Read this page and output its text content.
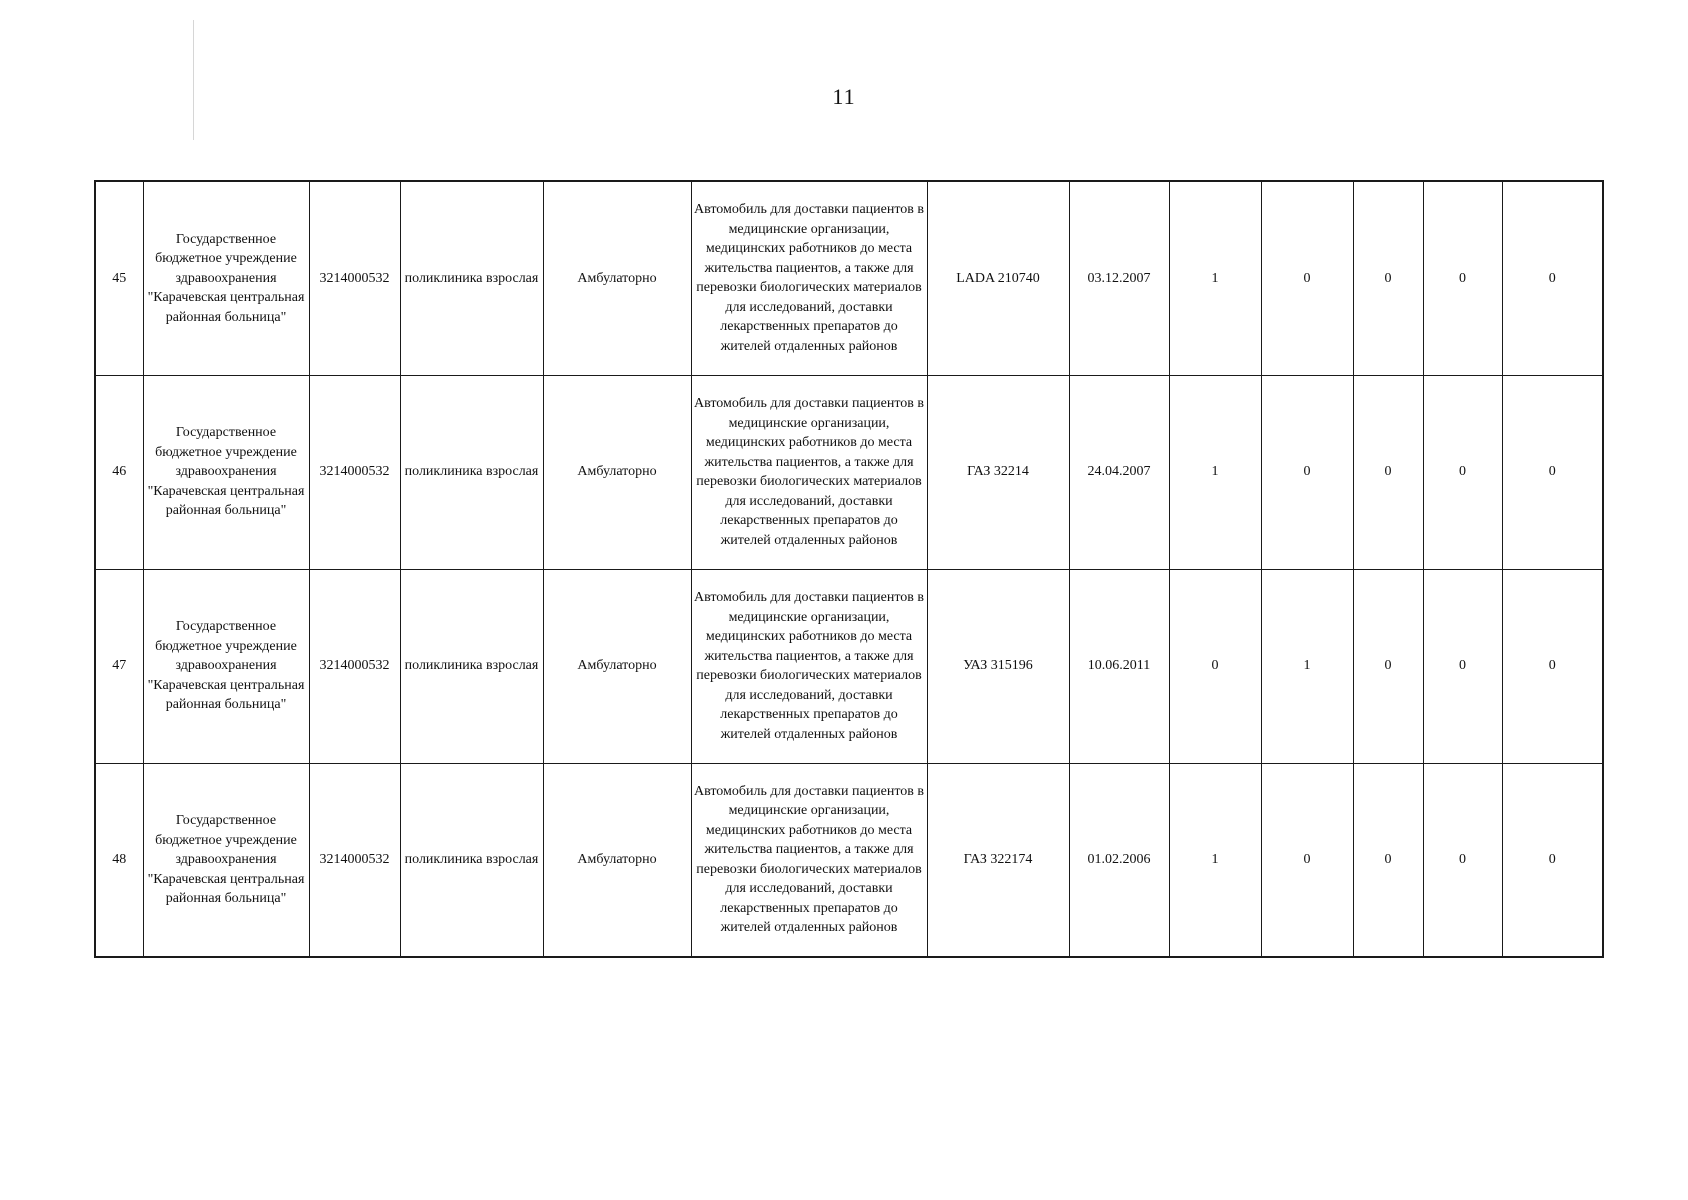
11
45	Государственное бюджетное учреждение здравоохранения "Карачевская центральная районная больница"	3214000532	поликлиника взрослая	Амбулаторно	Автомобиль для доставки пациентов в медицинские организации, медицинских работников до места жительства пациентов, а также для перевозки биологических материалов для исследований, доставки лекарственных препаратов до жителей отдаленных районов	LADA 210740	03.12.2007	1	0	0	0	0
46	Государственное бюджетное учреждение здравоохранения "Карачевская центральная районная больница"	3214000532	поликлиника взрослая	Амбулаторно	Автомобиль для доставки пациентов в медицинские организации, медицинских работников до места жительства пациентов, а также для перевозки биологических материалов для исследований, доставки лекарственных препаратов до жителей отдаленных районов	ГАЗ 32214	24.04.2007	1	0	0	0	0
47	Государственное бюджетное учреждение здравоохранения "Карачевская центральная районная больница"	3214000532	поликлиника взрослая	Амбулаторно	Автомобиль для доставки пациентов в медицинские организации, медицинских работников до места жительства пациентов, а также для перевозки биологических материалов для исследований, доставки лекарственных препаратов до жителей отдаленных районов	УАЗ 315196	10.06.2011	0	1	0	0	0
48	Государственное бюджетное учреждение здравоохранения "Карачевская центральная районная больница"	3214000532	поликлиника взрослая	Амбулаторно	Автомобиль для доставки пациентов в медицинские организации, медицинских работников до места жительства пациентов, а также для перевозки биологических материалов для исследований, доставки лекарственных препаратов до жителей отдаленных районов	ГАЗ 322174	01.02.2006	1	0	0	0	0
